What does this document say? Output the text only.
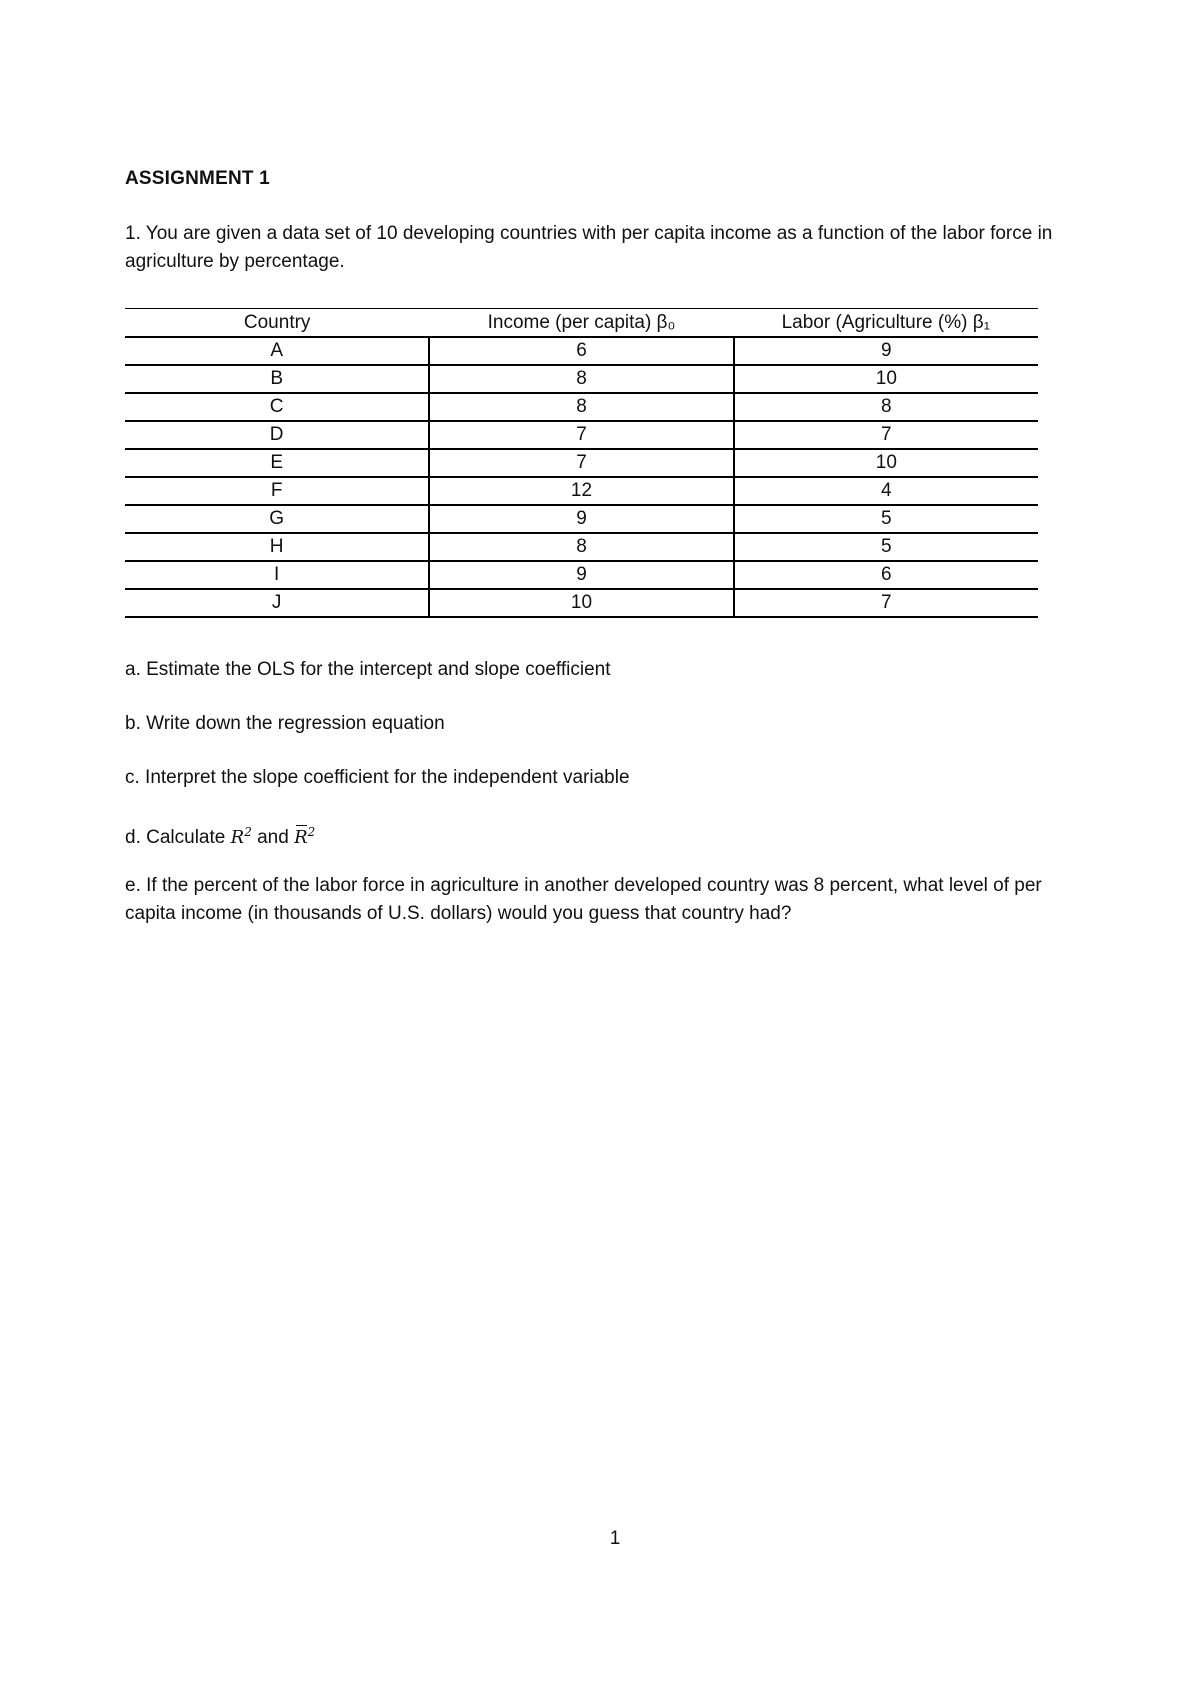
ASSIGNMENT 1
1. You are given a data set of 10 developing countries with per capita income as a function of the labor force in agriculture by percentage.
Country	Income (per capita) β₀	Labor (Agriculture (%) β₁
A	6	9
B	8	10
C	8	8
D	7	7
E	7	10
F	12	4
G	9	5
H	8	5
I	9	6
J	10	7
a. Estimate the OLS for the intercept and slope coefficient
b. Write down the regression equation
c. Interpret the slope coefficient for the independent variable
d. Calculate $R^2$ and $R^2$
e. If the percent of the labor force in agriculture in another developed country was 8 percent, what level of per capita income (in thousands of U.S. dollars) would you guess that country had?
1
